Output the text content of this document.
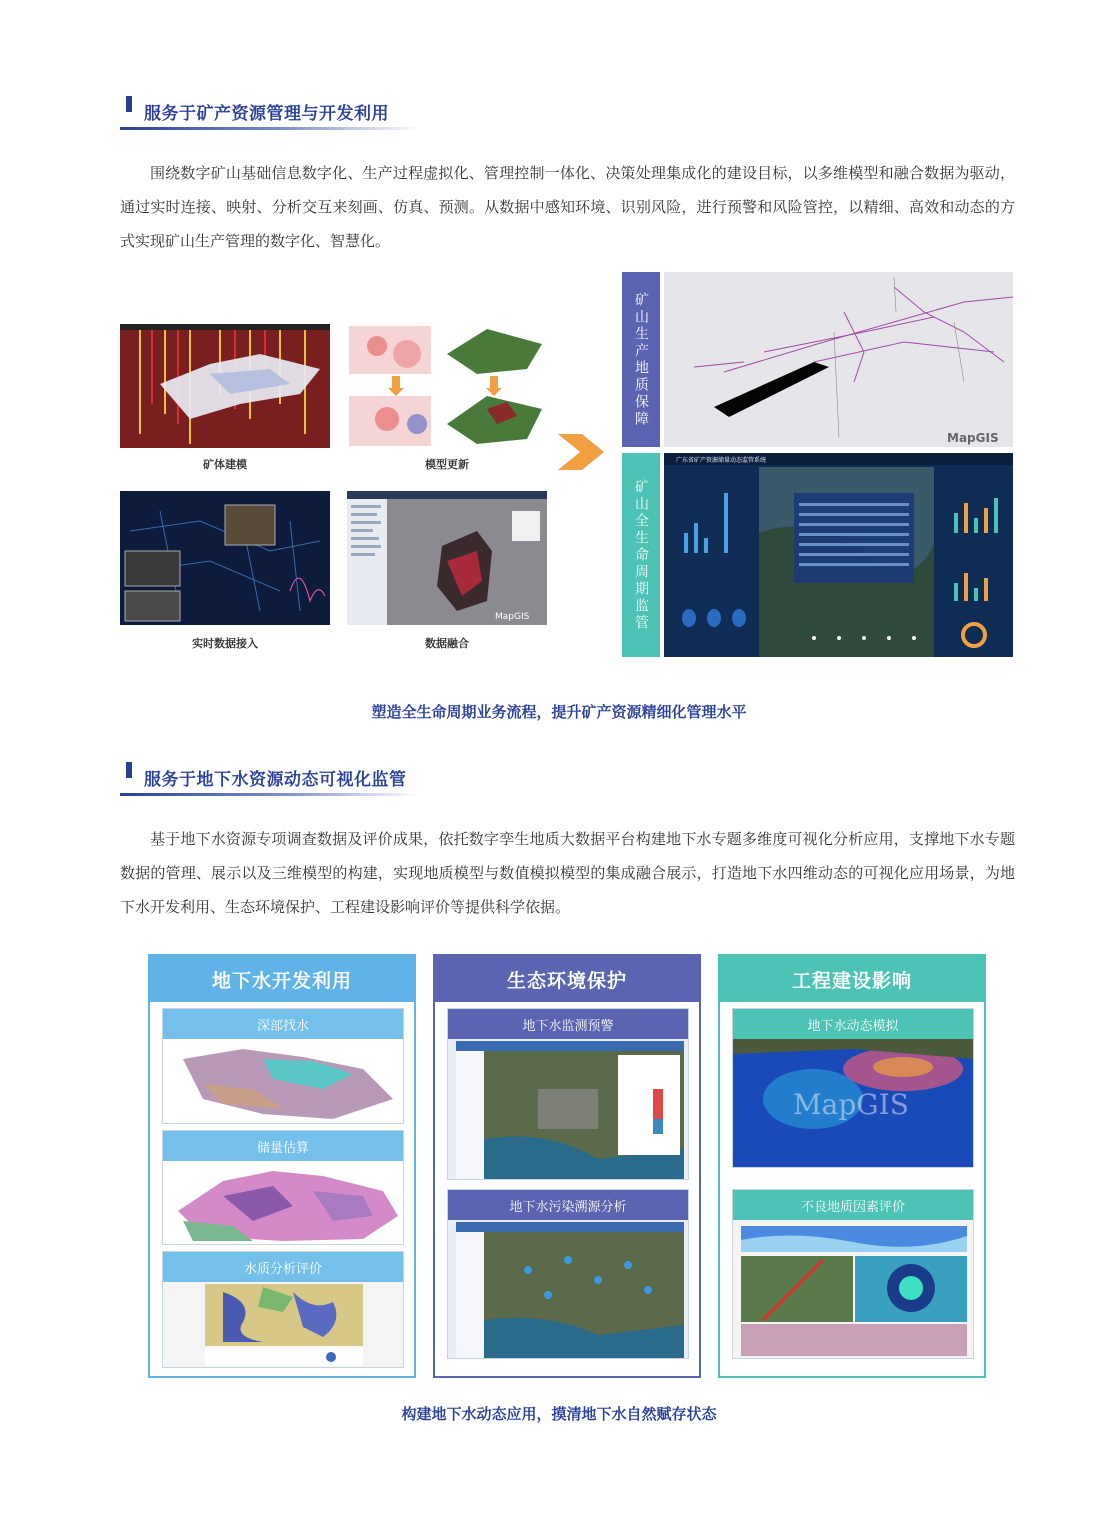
服务于矿产资源管理与开发利用
围绕数字矿山基础信息数字化、生产过程虚拟化、管理控制一体化、决策处理集成化的建设目标，以多维模型和融合数据为驱动，通过实时连接、映射、分析交互来刻画、仿真、预测。从数据中感知环境、识别风险，进行预警和风险管控，以精细、高效和动态的方式实现矿山生产管理的数字化、智慧化。
矿体建模	模型更新
实时数据接入
MapGIS
数据融合
矿山生产地质保障
MapGIS
矿山全生命周期监管
广东省矿产资源储量动态监管系统
塑造全生命周期业务流程，提升矿产资源精细化管理水平
服务于地下水资源动态可视化监管
基于地下水资源专项调查数据及评价成果，依托数字孪生地质大数据平台构建地下水专题多维度可视化分析应用，支撑地下水专题数据的管理、展示以及三维模型的构建，实现地质模型与数值模拟模型的集成融合展示，打造地下水四维动态的可视化应用场景，为地下水开发利用、生态环境保护、工程建设影响评价等提供科学依据。
地下水开发利用
深部找水
储量估算
水质分析评价
生态环境保护
地下水监测预警
地下水污染溯源分析
工程建设影响
地下水动态模拟
MapGIS
不良地质因素评价
构建地下水动态应用，摸清地下水自然赋存状态
